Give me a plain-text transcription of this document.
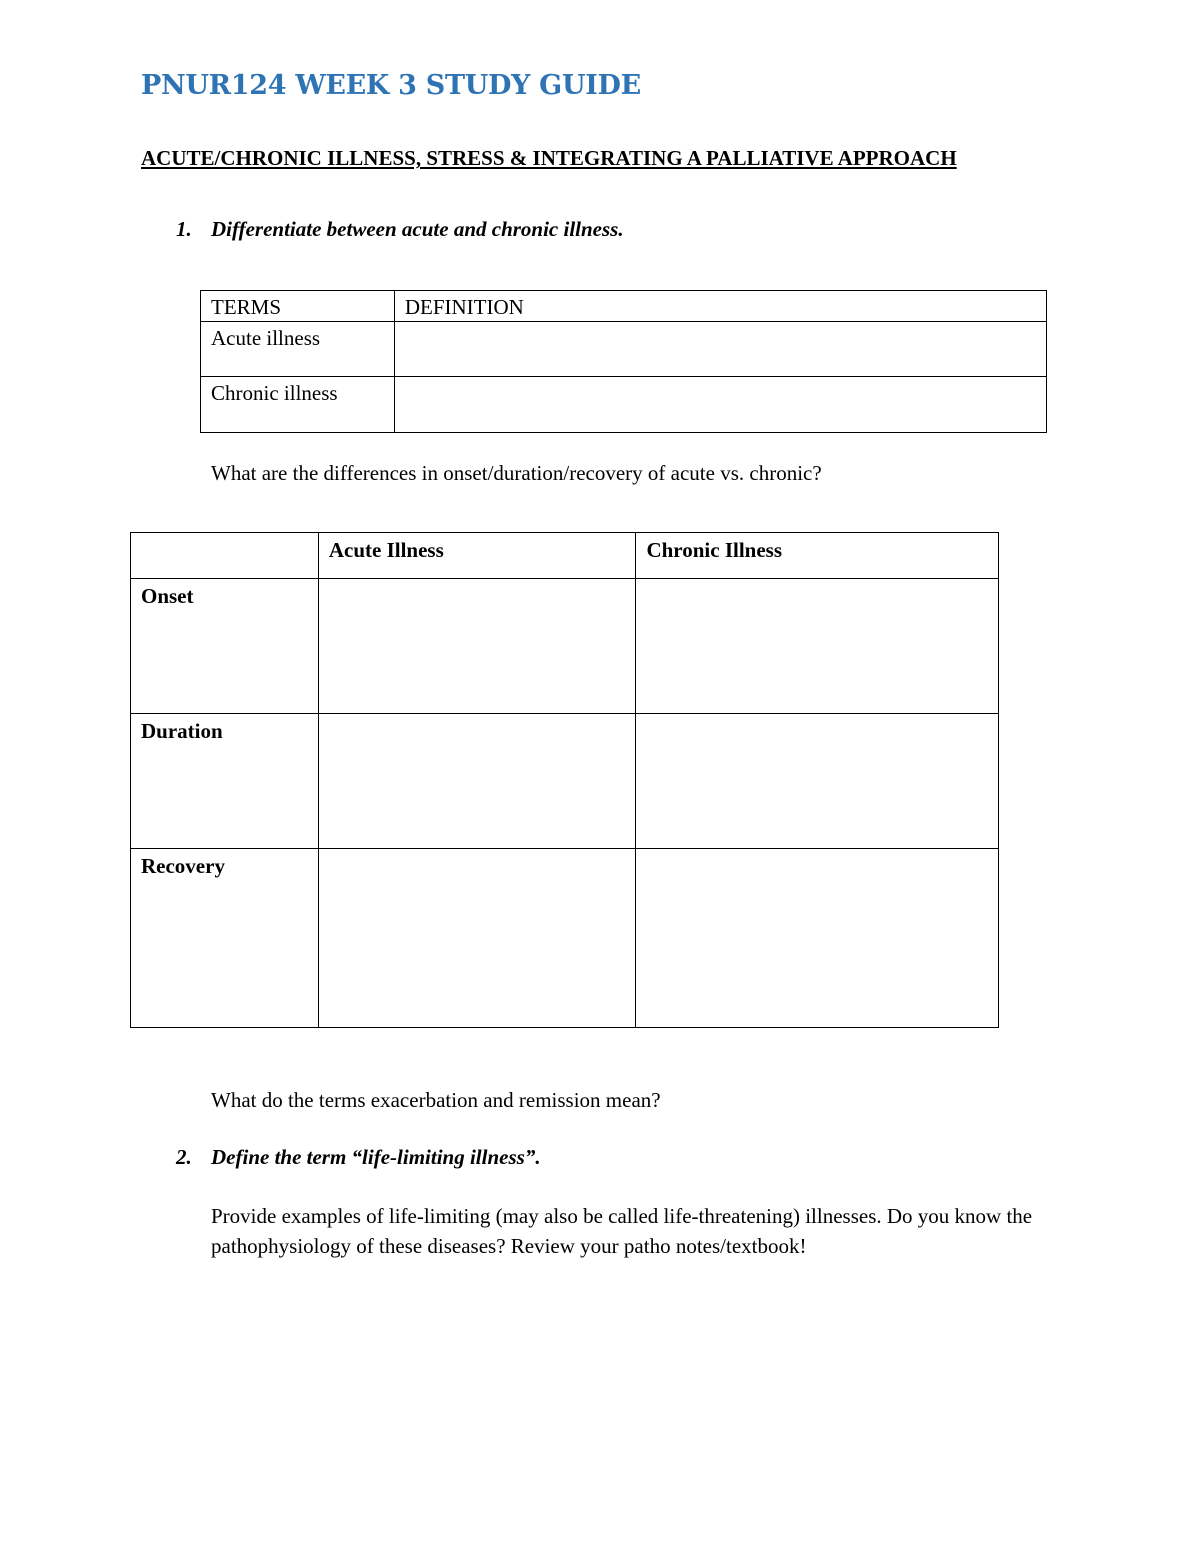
PNUR124 WEEK 3 STUDY GUIDE
ACUTE/CHRONIC ILLNESS, STRESS & INTEGRATING A PALLIATIVE APPROACH
1. Differentiate between acute and chronic illness.
TERMS	DEFINITION
Acute illness	
Chronic illness	
What are the differences in onset/duration/recovery of acute vs. chronic?
	Acute Illness	Chronic Illness
Onset		
Duration		
Recovery		
What do the terms exacerbation and remission mean?
2. Define the term “life-limiting illness”.
Provide examples of life-limiting (may also be called life-threatening) illnesses. Do you know the pathophysiology of these diseases? Review your patho notes/textbook!
